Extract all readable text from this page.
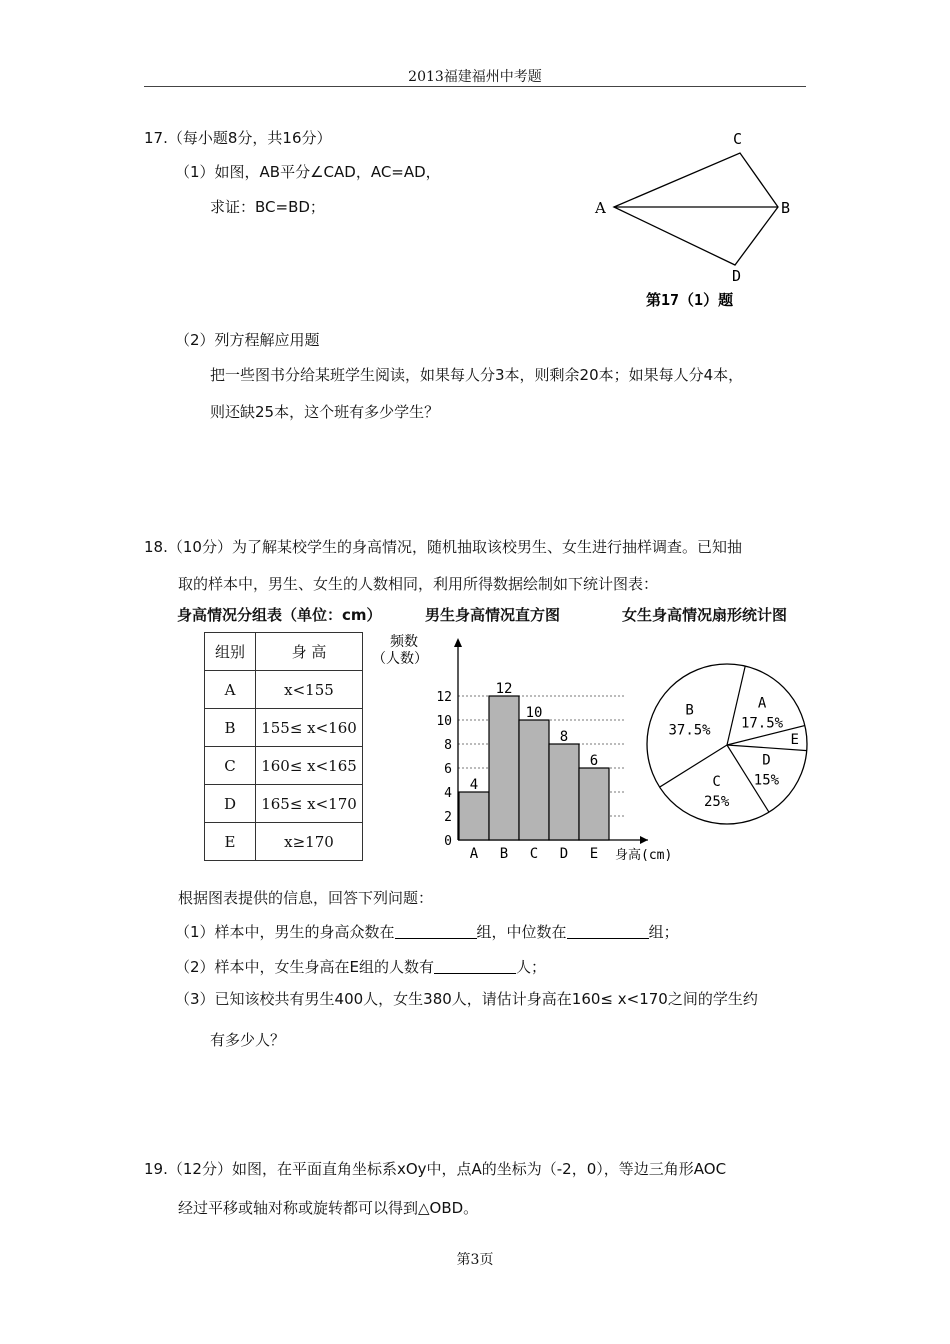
2013福建福州中考题
17.（每小题8分，共16分）
（1）如图，AB平分∠CAD，AC=AD，
求证：BC=BD；	A	B
C
D
第17（1）题
（2）列方程解应用题
把一些图书分给某班学生阅读，如果每人分3本，则剩余20本；如果每人分4本，
则还缺25本，这个班有多少学生？
18.（10分）为了解某校学生的身高情况，随机抽取该校男生、女生进行抽样调查。已知抽
取的样本中，男生、女生的人数相同，利用所得数据绘制如下统计图表：
身高情况分组表（单位：cm）	男生身高情况直方图	女生身高情况扇形统计图
组别	身 高
A	x<155
B	155≤ x<160
C	160≤ x<165
D	165≤ x<170
E	x≥170
频数
（人数）
身高(cm)
0
2
4
6
8
10
12
4
A
12
B
10
C
8
D
6
E
A
17.5%
E
D
15%
C
25%
B
37.5%
根据图表提供的信息，回答下列问题：
（1）样本中，男生的身高众数在	组，中位数在	组；
（2）样本中，女生身高在E组的人数有	人；
（3）已知该校共有男生400人，女生380人，请估计身高在160≤ x<170之间的学生约
有多少人？
19.（12分）如图，在平面直角坐标系xOy中，点A的坐标为（-2，0），等边三角形AOC
经过平移或轴对称或旋转都可以得到△OBD。
第3页
